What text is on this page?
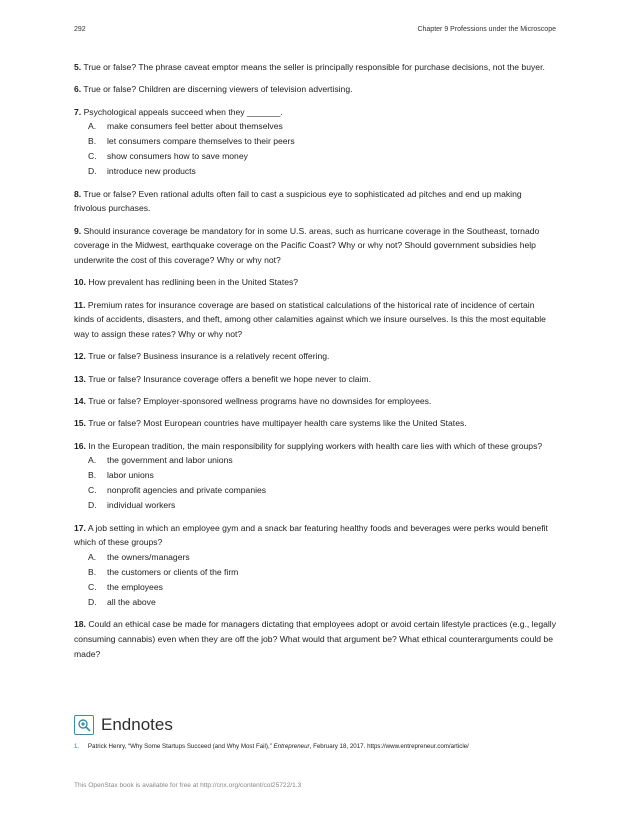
292	Chapter 9 Professions under the Microscope

5. True or false? The phrase caveat emptor means the seller is principally responsible for purchase decisions, not the buyer.

6. True or false? Children are discerning viewers of television advertising.

7. Psychological appeals succeed when they _______.
A. make consumers feel better about themselves
B. let consumers compare themselves to their peers
C. show consumers how to save money
D. introduce new products

8. True or false? Even rational adults often fail to cast a suspicious eye to sophisticated ad pitches and end up making frivolous purchases.

9. Should insurance coverage be mandatory for in some U.S. areas, such as hurricane coverage in the Southeast, tornado coverage in the Midwest, earthquake coverage on the Pacific Coast? Why or why not? Should government subsidies help underwrite the cost of this coverage? Why or why not?

10. How prevalent has redlining been in the United States?

11. Premium rates for insurance coverage are based on statistical calculations of the historical rate of incidence of certain kinds of accidents, disasters, and theft, among other calamities against which we insure ourselves. Is this the most equitable way to assign these rates? Why or why not?

12. True or false? Business insurance is a relatively recent offering.

13. True or false? Insurance coverage offers a benefit we hope never to claim.

14. True or false? Employer-sponsored wellness programs have no downsides for employees.

15. True or false? Most European countries have multipayer health care systems like the United States.

16. In the European tradition, the main responsibility for supplying workers with health care lies with which of these groups?
A. the government and labor unions
B. labor unions
C. nonprofit agencies and private companies
D. individual workers
17. A job setting in which an employee gym and a snack bar featuring healthy foods and beverages were perks would benefit which of these groups?
A. the owners/managers
B. the customers or clients of the firm
C. the employees
D. all the above

18. Could an ethical case be made for managers dictating that employees adopt or avoid certain lifestyle practices (e.g., legally consuming cannabis) even when they are off the job? What would that argument be? What ethical counterarguments could be made?

Endnotes
1. Patrick Henry, “Why Some Startups Succeed (and Why Most Fail),” Entrepreneur, February 18, 2017. https://www.entrepreneur.com/article/
This OpenStax book is available for free at http://cnx.org/content/col25722/1.3
